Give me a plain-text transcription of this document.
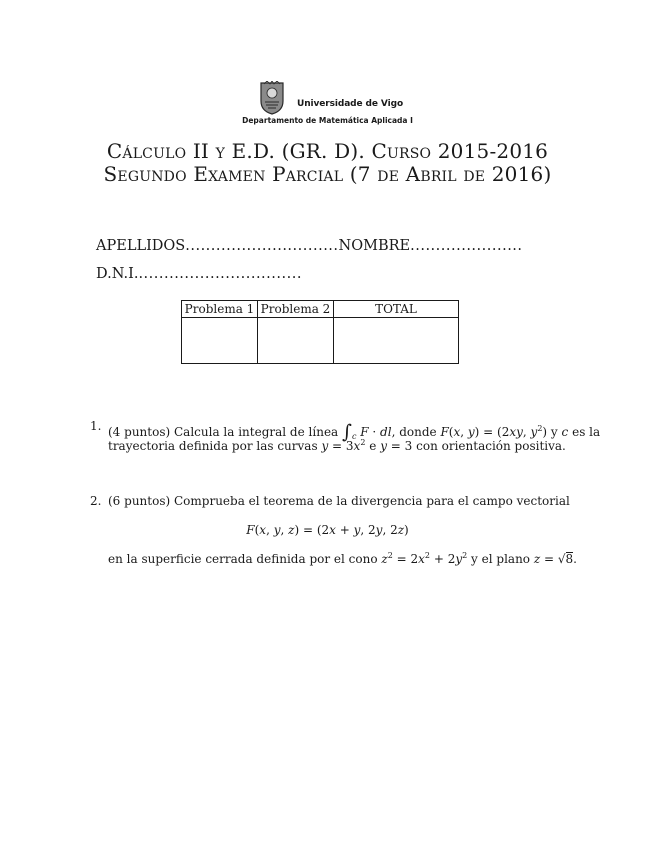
Universidade de Vigo
Departamento de Matemática Aplicada I
Cálculo II y E.D. (GR. D). Curso 2015-2016
Segundo Examen Parcial (7 de Abril de 2016)
APELLIDOS..............................NOMBRE......................
D.N.I.................................
Problema 1	Problema 2	TOTAL

1. (4 puntos) Calcula la integral de línea $\int_c$ F · dl, donde F(x, y) = (2xy, $y^2$) y c es la
trayectoria definida por las curvas $y = 3x^2$ e y = 3 con orientación positiva.
2. (6 puntos) Comprueba el teorema de la divergencia para el campo vectorial
F(x, y, z) = (2x + y, 2y, 2z)
en la superficie cerrada definida por el cono $z^2 = 2x^2 + 2y^2$ y el plano z = √8.
